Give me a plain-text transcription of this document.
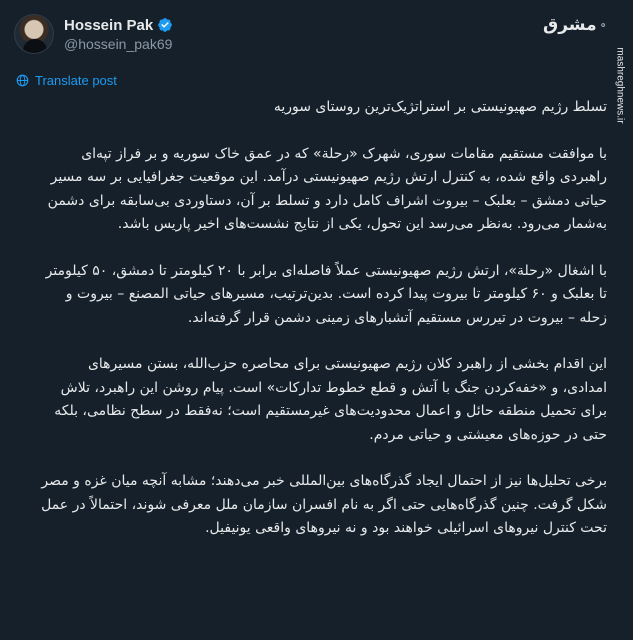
Hossein Pak
@hossein_pak69
مشرق
mashreghnews.ir
Translate post

تسلط رژیم صهیونیستی بر استراتژیک‌ترین روستای سوریه

با موافقت مستقیم مقامات سوری، شهرک «رحلة» که در عمق خاک سوریه و بر فراز تپه‌ای راهبردی واقع شده، به کنترل ارتش رژیم صهیونیستی درآمد. این موقعیت جغرافیایی بر سه مسیر حیاتی دمشق – بعلبک – بیروت اشراف کامل دارد و تسلط بر آن، دستاوردی بی‌سابقه برای دشمن به‌شمار می‌رود. به‌نظر می‌رسد این تحول، یکی از نتایج نشست‌های اخیر پاریس باشد.

با اشغال «رحلة»، ارتش رژیم صهیونیستی عملاً فاصله‌ای برابر با ۲۰ کیلومتر تا دمشق، ۵۰ کیلومتر تا بعلبک و ۶۰ کیلومتر تا بیروت پیدا کرده است. بدین‌ترتیب، مسیرهای حیاتی المصنع – بیروت و زحله – بیروت در تیررس مستقیم آتشبارهای زمینی دشمن قرار گرفته‌اند.

این اقدام بخشی از راهبرد کلان رژیم صهیونیستی برای محاصره حزب‌الله، بستن مسیرهای امدادی، و «خفه‌کردن جنگ با آتش و قطع خطوط تدارکات» است. پیام روشن این راهبرد، تلاش برای تحمیل منطقه حائل و اعمال محدودیت‌های غیرمستقیم است؛ نه‌فقط در سطح نظامی، بلکه حتی در حوزه‌های معیشتی و حیاتی مردم.

برخی تحلیل‌ها نیز از احتمال ایجاد گذرگاه‌های بین‌المللی خبر می‌دهند؛ مشابه آنچه میان غزه و مصر شکل گرفت. چنین گذرگاه‌هایی حتی اگر به نام افسران سازمان ملل معرفی شوند، احتمالاً در عمل تحت کنترل نیروهای اسرائیلی خواهند بود و نه نیروهای واقعی یونیفیل.
